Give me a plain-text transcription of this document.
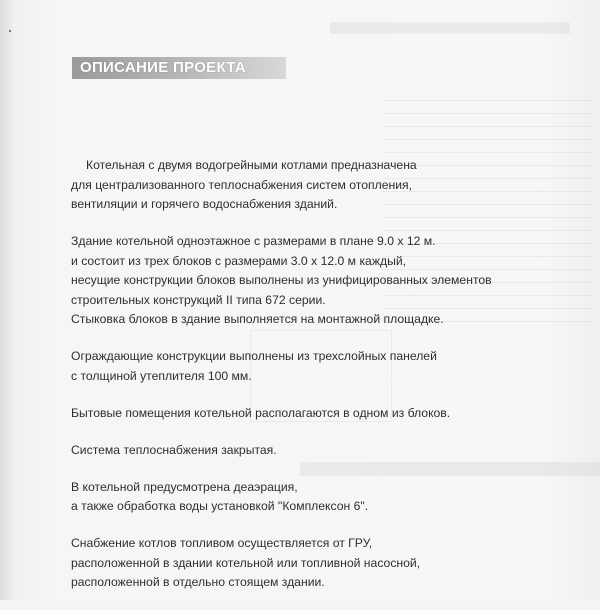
ОПИСАНИЕ ПРОЕКТА
Котельная с двумя водогрейными котлами предназначена
для централизованного теплоснабжения систем отопления,
вентиляции и горячего водоснабжения зданий.
Здание котельной одноэтажное с размерами в плане 9.0 x 12 м.
и состоит из трех блоков с размерами 3.0 x 12.0 м каждый,
несущие конструкции блоков выполнены из унифицированных элементов
строительных конструкций II типа 672 серии.
Стыковка блоков в здание выполняется на монтажной площадке.
Ограждающие конструкции выполнены из трехслойных панелей
с толщиной утеплителя 100 мм.
Бытовые помещения котельной располагаются в одном из блоков.
Система теплоснабжения закрытая.
В котельной предусмотрена деаэрация,
а также обработка воды установкой "Комплексон 6".
Снабжение котлов топливом осуществляется от ГРУ,
расположенной в здании котельной или топливной насосной,
расположенной в отдельно стоящем здании.
